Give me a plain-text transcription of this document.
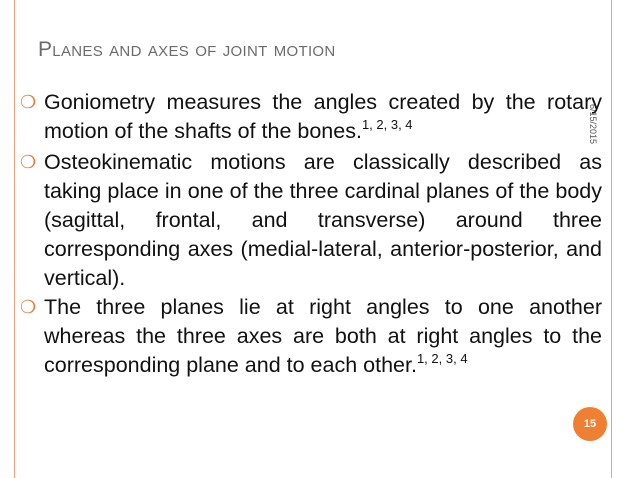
Planes and axes of joint motion
6/15/2015
❍ Goniometry measures the angles created by the rotary motion of the shafts of the bones.$^{1, 2, 3, 4}$

❍ Osteokinematic motions are classically described as taking place in one of the three cardinal planes of the body (sagittal, frontal, and transverse) around three corresponding axes (medial-lateral, anterior-posterior, and vertical).

❍ The three planes lie at right angles to one another whereas the three axes are both at right angles to the corresponding plane and to each other.$^{1, 2, 3, 4}$

15
